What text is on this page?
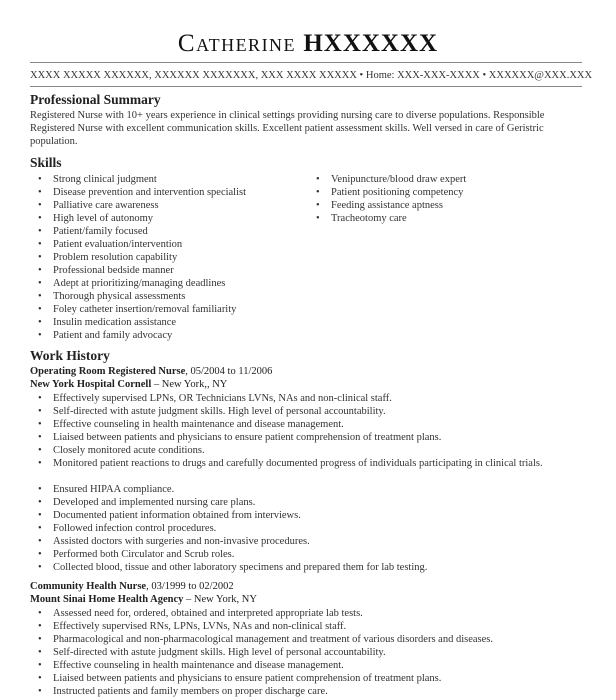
Catherine HXXXXXX
XXXX XXXXX XXXXXX, XXXXXX XXXXXXX, XXX XXXX XXXXX • Home: XXX-XXX-XXXX • XXXXXX@XXX.XXX
Professional Summary
Registered Nurse with 10+ years experience in clinical settings providing nursing care to diverse populations. Responsible Registered Nurse with excellent communication skills. Excellent patient assessment skills. Well versed in care of Geristric population.
Skills
• Strong clinical judgment
• Disease prevention and intervention specialist
• Palliative care awareness
• High level of autonomy
• Patient/family focused
• Patient evaluation/intervention
• Problem resolution capability
• Professional bedside manner
• Adept at prioritizing/managing deadlines
• Thorough physical assessments
• Foley catheter insertion/removal familiarity
• Insulin medication assistance
• Patient and family advocacy
• Venipuncture/blood draw expert
• Patient positioning competency
• Feeding assistance aptness
• Tracheotomy care
Work History
Operating Room Registered Nurse, 05/2004 to 11/2006
New York Hospital Cornell – New York,, NY
• Effectively supervised LPNs, OR Technicians LVNs, NAs and non-clinical staff.
• Self-directed with astute judgment skills. High level of personal accountability.
• Effective counseling in health maintenance and disease management.
• Liaised between patients and physicians to ensure patient comprehension of treatment plans.
• Closely monitored acute conditions.
• Monitored patient reactions to drugs and carefully documented progress of individuals participating in clinical trials.
• Ensured HIPAA compliance.
• Developed and implemented nursing care plans.
• Documented patient information obtained from interviews.
• Followed infection control procedures.
• Assisted doctors with surgeries and non-invasive procedures.
• Performed both Circulator and Scrub roles.
• Collected blood, tissue and other laboratory specimens and prepared them for lab testing.
Community Health Nurse, 03/1999 to 02/2002
Mount Sinai Home Health Agency – New York, NY
• Assessed need for, ordered, obtained and interpreted appropriate lab tests.
• Effectively supervised RNs, LPNs, LVNs, NAs and non-clinical staff.
• Pharmacological and non-pharmacological management and treatment of various disorders and diseases.
• Self-directed with astute judgment skills. High level of personal accountability.
• Effective counseling in health maintenance and disease management.
• Liaised between patients and physicians to ensure patient comprehension of treatment plans.
• Instructed patients and family members on proper discharge care.
